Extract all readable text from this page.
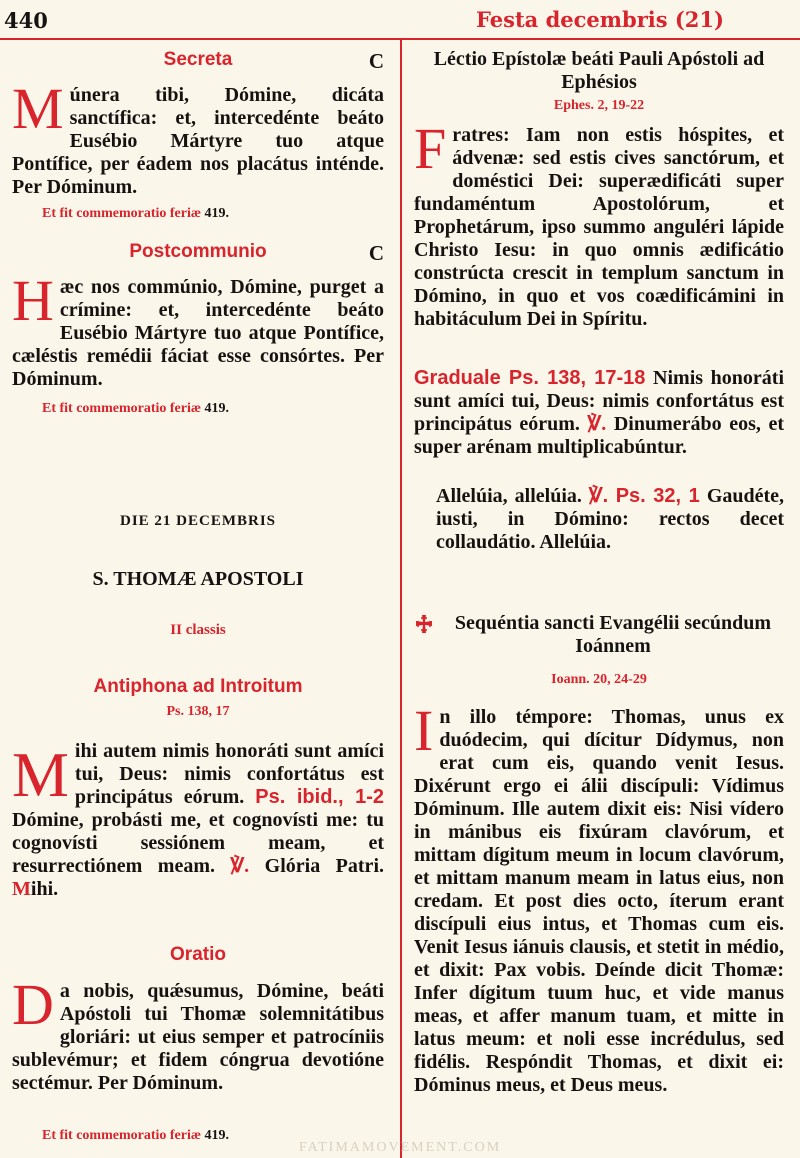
440	Festa decembris (21)
Secreta	C
Múnera tibi, Dómine, dicáta sanctífica: et, intercedénte beáto Eusébio Mártyre tuo atque Pontífice, per éadem nos placátus inténde. Per Dóminum.
Et fit commemoratio feriæ 419.
Postcommunio	C
Hæc nos commúnio, Dómine, purget a crímine: et, intercedénte beáto Eusébio Mártyre tuo atque Pontífice, cæléstis remédii fáciat esse consórtes. Per Dóminum.
Et fit commemoratio feriæ 419.
DIE 21 DECEMBRIS
S. THOMÆ APOSTOLI
II classis
Antiphona ad Introitum
Ps. 138, 17
Mihi autem nimis honoráti sunt amíci tui, Deus: nimis confortátus est principátus eórum. Ps. ibid., 1-2 Dómine, probásti me, et cognovísti me: tu cognovísti sessiónem meam, et resurrectiónem meam. ℣. Glória Patri. Mihi.
Oratio
Da nobis, quǽsumus, Dómine, beáti Apóstoli tui Thomæ solemnitátibus gloriári: ut eius semper et patrocíniis sublevémur; et fidem cóngrua devotióne sectémur. Per Dóminum.
Et fit commemoratio feriæ 419.
Léctio Epístolæ beáti Pauli Apóstoli ad Ephésios
Ephes. 2, 19-22
Fratres: Iam non estis hóspites, et ádvenæ: sed estis cives sanctórum, et doméstici Dei: superædificáti super fundaméntum Apostolórum, et Prophetárum, ipso summo anguléri lápide Christo Iesu: in quo omnis ædificátio constrúcta crescit in templum sanctum in Dómino, in quo et vos coædificámini in habitáculum Dei in Spíritu.
Graduale Ps. 138, 17-18 Nimis honoráti sunt amíci tui, Deus: nimis confortátus est principátus eórum. ℣. Dinumerábo eos, et super arénam multiplicabúntur.
Allelúia, allelúia. ℣. Ps. 32, 1 Gaudéte, iusti, in Dómino: rectos decet collaudátio. Allelúia.
Sequéntia sancti Evangélii secúndum Ioánnem
Ioann. 20, 24-29
In illo témpore: Thomas, unus ex duódecim, qui dícitur Dídymus, non erat cum eis, quando venit Iesus. Dixérunt ergo ei álii discípuli: Vídimus Dóminum. Ille autem dixit eis: Nisi vídero in mánibus eis fixúram clavórum, et mittam dígitum meum in locum clavórum, et mittam manum meam in latus eius, non credam. Et post dies octo, íterum erant discípuli eius intus, et Thomas cum eis. Venit Iesus iánuis clausis, et stetit in médio, et dixit: Pax vobis. Deínde dicit Thomæ: Infer dígitum tuum huc, et vide manus meas, et affer manum tuam, et mitte in latus meum: et noli esse incrédulus, sed fidélis. Respóndit Thomas, et dixit ei: Dóminus meus, et Deus meus.
FATIMAMOVEMENT.COM
